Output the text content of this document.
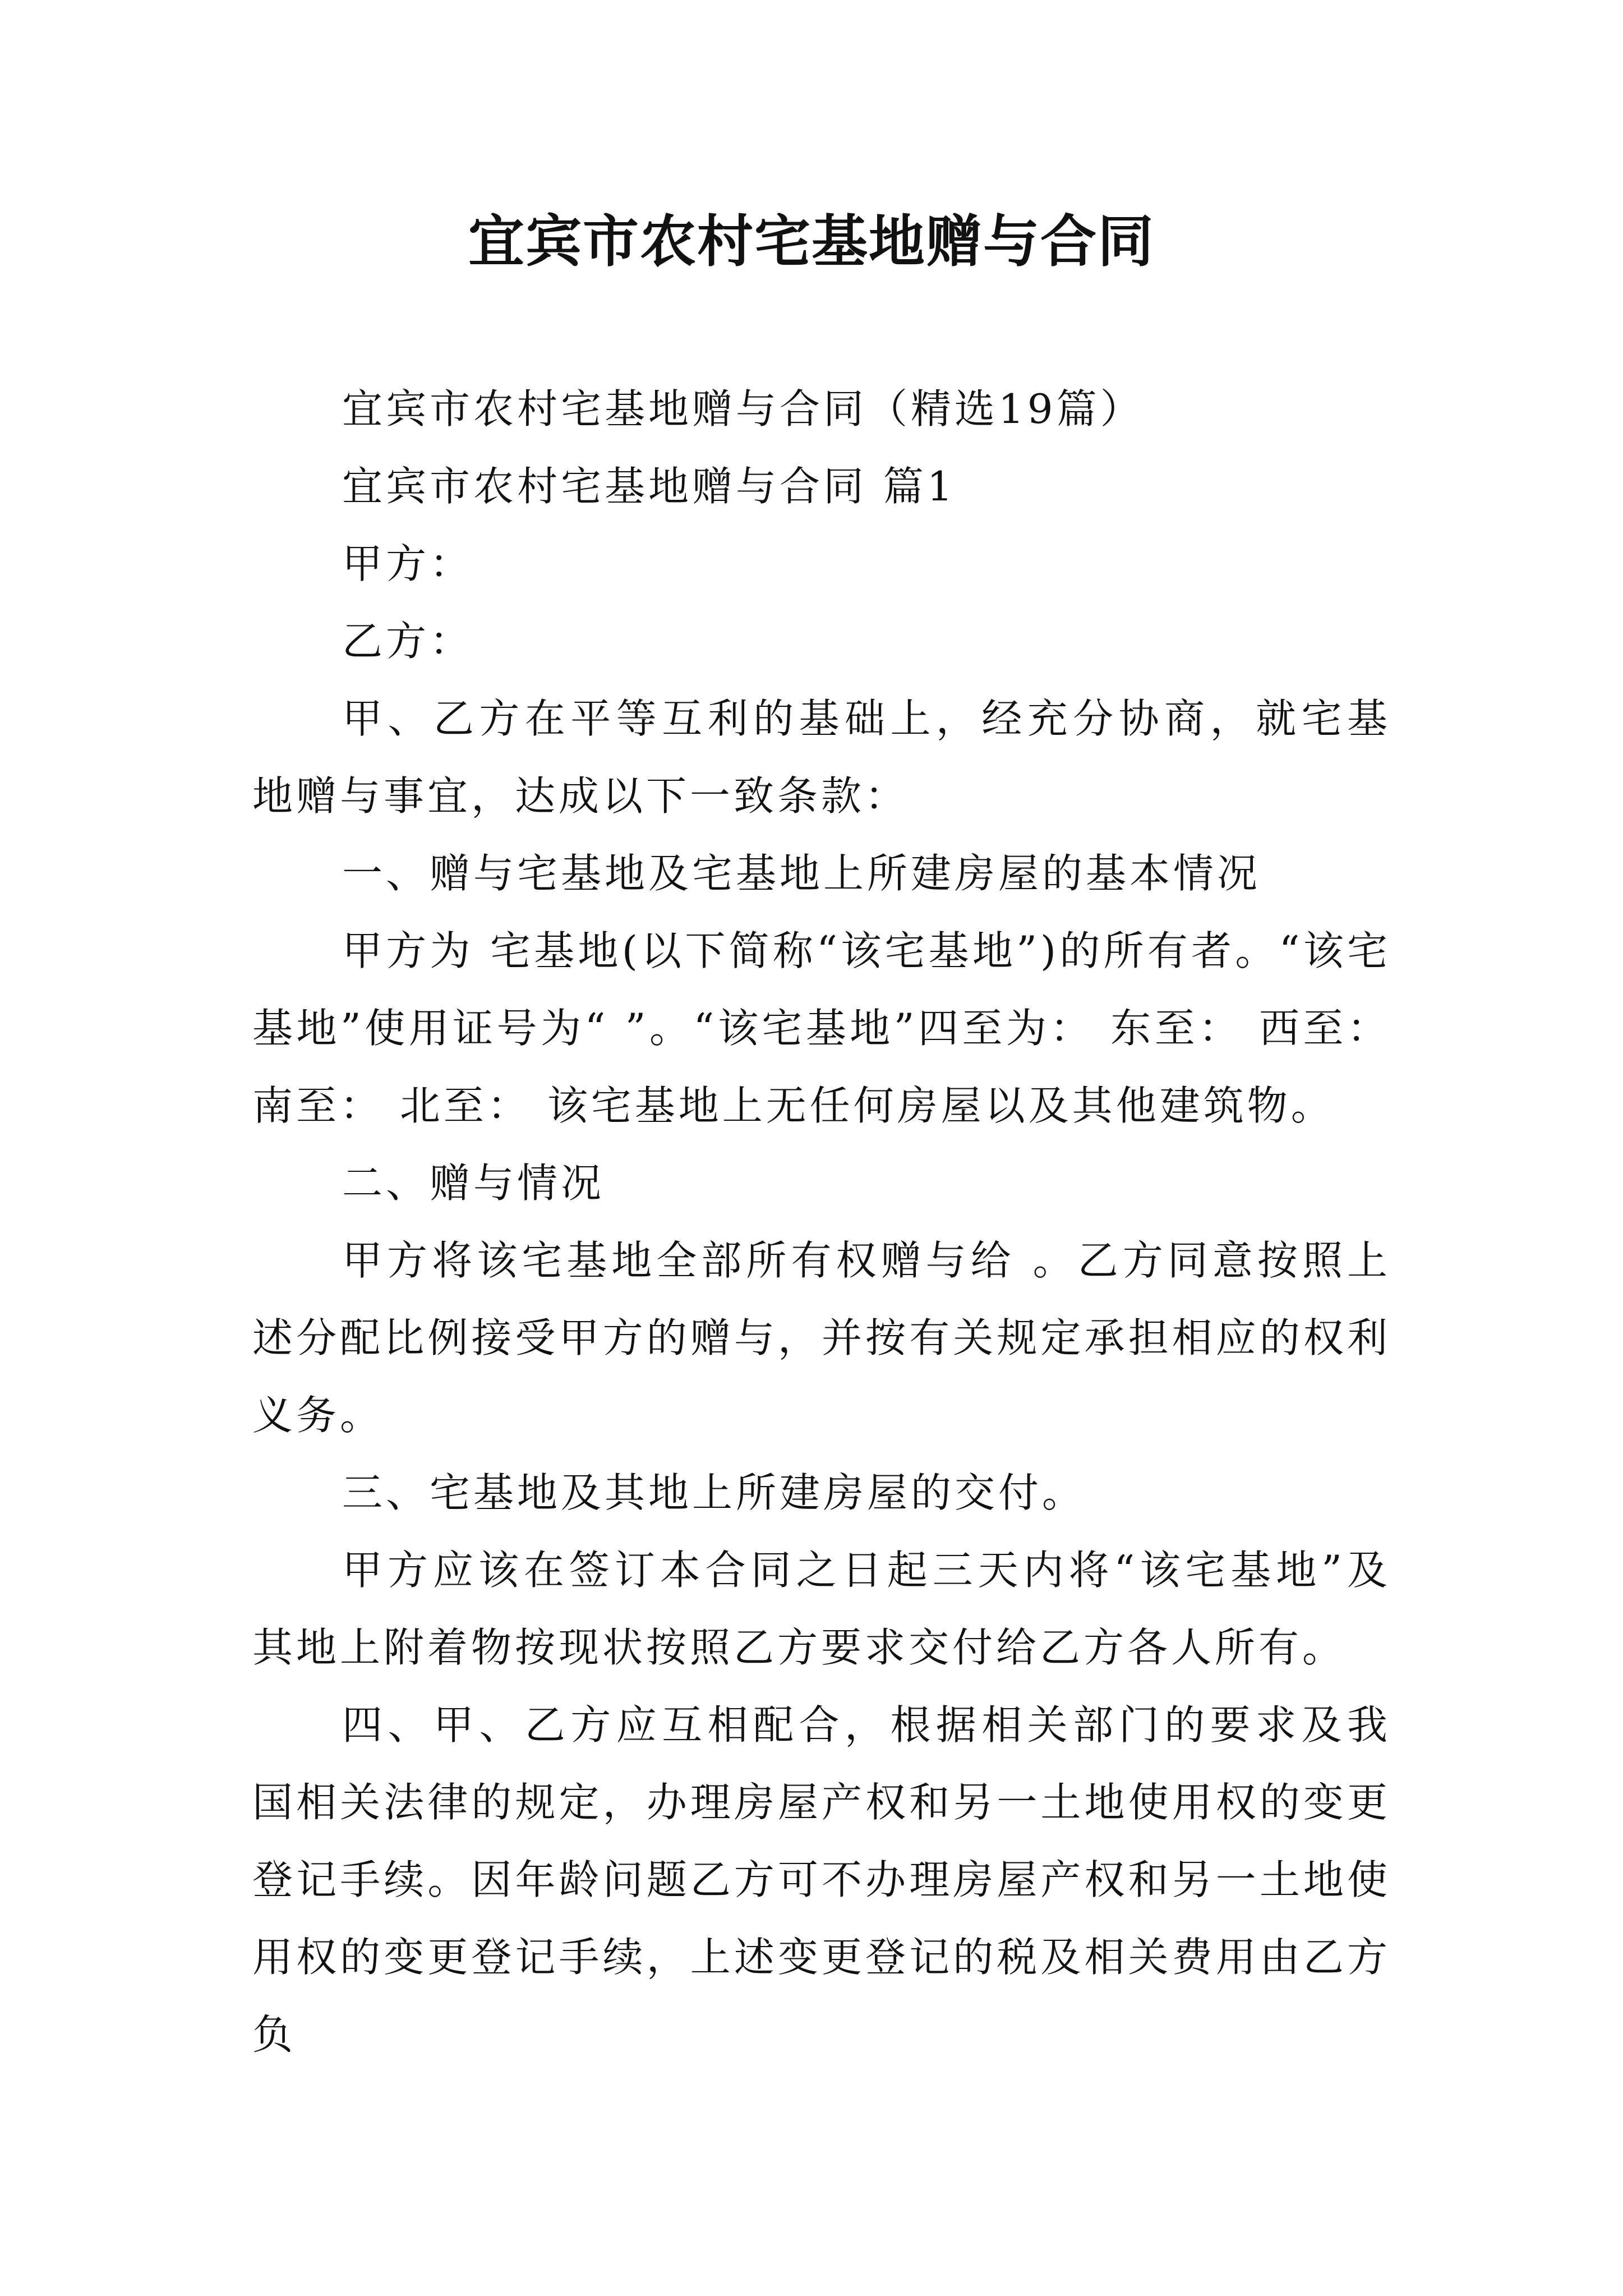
宜宾市农村宅基地赠与合同

宜宾市农村宅基地赠与合同（精选19篇）

宜宾市农村宅基地赠与合同 篇1

甲方：

乙方：

甲、乙方在平等互利的基础上，经充分协商，就宅基地赠与事宜，达成以下一致条款：

一、赠与宅基地及宅基地上所建房屋的基本情况

甲方为 宅基地(以下简称“该宅基地”)的所有者。“该宅基地”使用证号为“ ”。“该宅基地”四至为： 东至： 西至： 南至： 北至： 该宅基地上无任何房屋以及其他建筑物。

二、赠与情况

甲方将该宅基地全部所有权赠与给 。乙方同意按照上述分配比例接受甲方的赠与，并按有关规定承担相应的权利义务。

三、宅基地及其地上所建房屋的交付。

甲方应该在签订本合同之日起三天内将“该宅基地”及其地上附着物按现状按照乙方要求交付给乙方各人所有。

四、甲、乙方应互相配合，根据相关部门的要求及我国相关法律的规定，办理房屋产权和另一土地使用权的变更登记手续。因年龄问题乙方可不办理房屋产权和另一土地使用权的变更登记手续，上述变更登记的税及相关费用由乙方负
